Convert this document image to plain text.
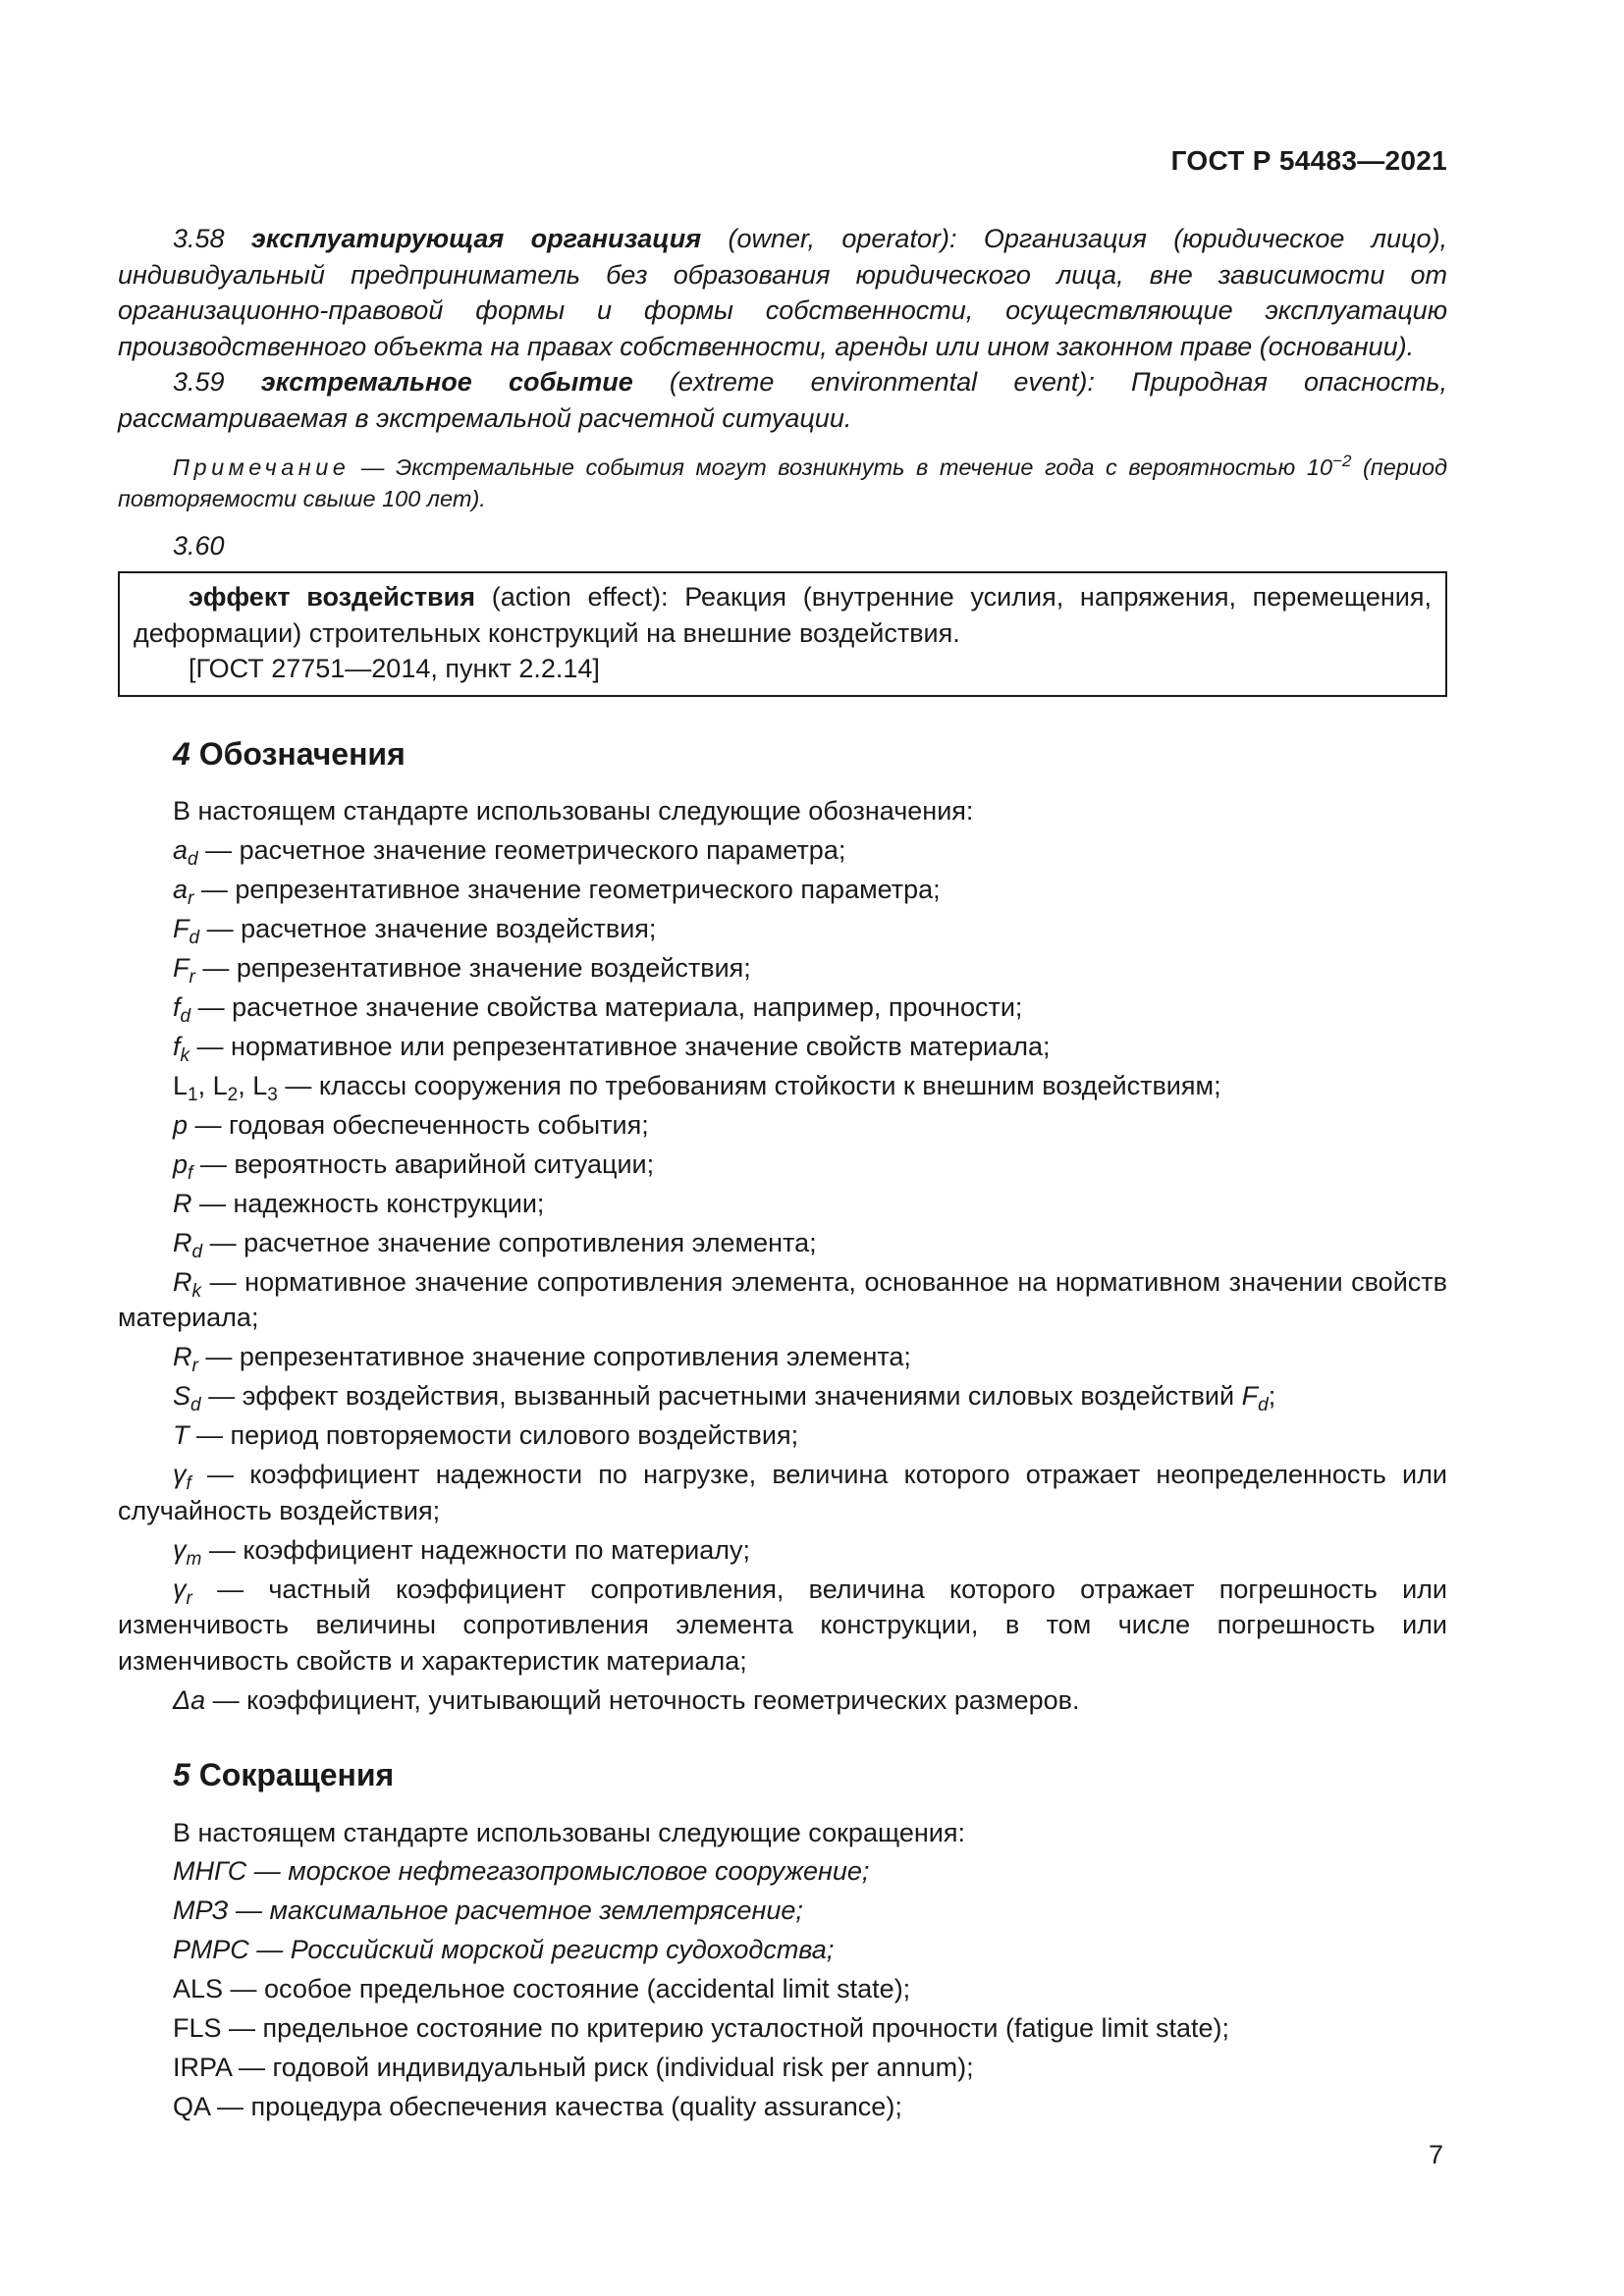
ГОСТ Р 54483—2021

3.58 эксплуатирующая организация (owner, operator): Организация (юридическое лицо), индивидуальный предприниматель без образования юридического лица, вне зависимости от организационно-правовой формы и формы собственности, осуществляющие эксплуатацию производственного объекта на правах собственности, аренды или ином законном праве (основании).

3.59 экстремальное событие (extreme environmental event): Природная опасность, рассматриваемая в экстремальной расчетной ситуации.

Примечание — Экстремальные события могут возникнуть в течение года с вероятностью $10^{-2}$ (период повторяемости свыше 100 лет).

3.60

эффект воздействия (action effect): Реакция (внутренние усилия, напряжения, перемещения, деформации) строительных конструкций на внешние воздействия.

[ГОСТ 27751—2014, пункт 2.2.14]

4 Обозначения

В настоящем стандарте использованы следующие обозначения:

$a_d$ — расчетное значение геометрического параметра;

$a_r$ — репрезентативное значение геометрического параметра;

$F_d$ — расчетное значение воздействия;

$F_r$ — репрезентативное значение воздействия;

$f_d$ — расчетное значение свойства материала, например, прочности;

$f_k$ — нормативное или репрезентативное значение свойств материала;

$L_1$, $L_2$, $L_3$ — классы сооружения по требованиям стойкости к внешним воздействиям;

p — годовая обеспеченность события;

$p_f$ — вероятность аварийной ситуации;

R — надежность конструкции;

$R_d$ — расчетное значение сопротивления элемента;

$R_k$ — нормативное значение сопротивления элемента, основанное на нормативном значении свойств материала;

$R_r$ — репрезентативное значение сопротивления элемента;

$S_d$ — эффект воздействия, вызванный расчетными значениями силовых воздействий $F_d$;

T — период повторяемости силового воздействия;

$\gamma_f$ — коэффициент надежности по нагрузке, величина которого отражает неопределенность или случайность воздействия;

$\gamma_m$ — коэффициент надежности по материалу;

$\gamma_r$ — частный коэффициент сопротивления, величина которого отражает погрешность или изменчивость величины сопротивления элемента конструкции, в том числе погрешность или изменчивость свойств и характеристик материала;

Δa — коэффициент, учитывающий неточность геометрических размеров.

5 Сокращения

В настоящем стандарте использованы следующие сокращения:

МНГС — морское нефтегазопромысловое сооружение;

МРЗ — максимальное расчетное землетрясение;

РМРС — Российский морской регистр судоходства;

ALS — особое предельное состояние (accidental limit state);

FLS — предельное состояние по критерию усталостной прочности (fatigue limit state);

IRPA — годовой индивидуальный риск (individual risk per annum);

QA — процедура обеспечения качества (quality assurance);

7
